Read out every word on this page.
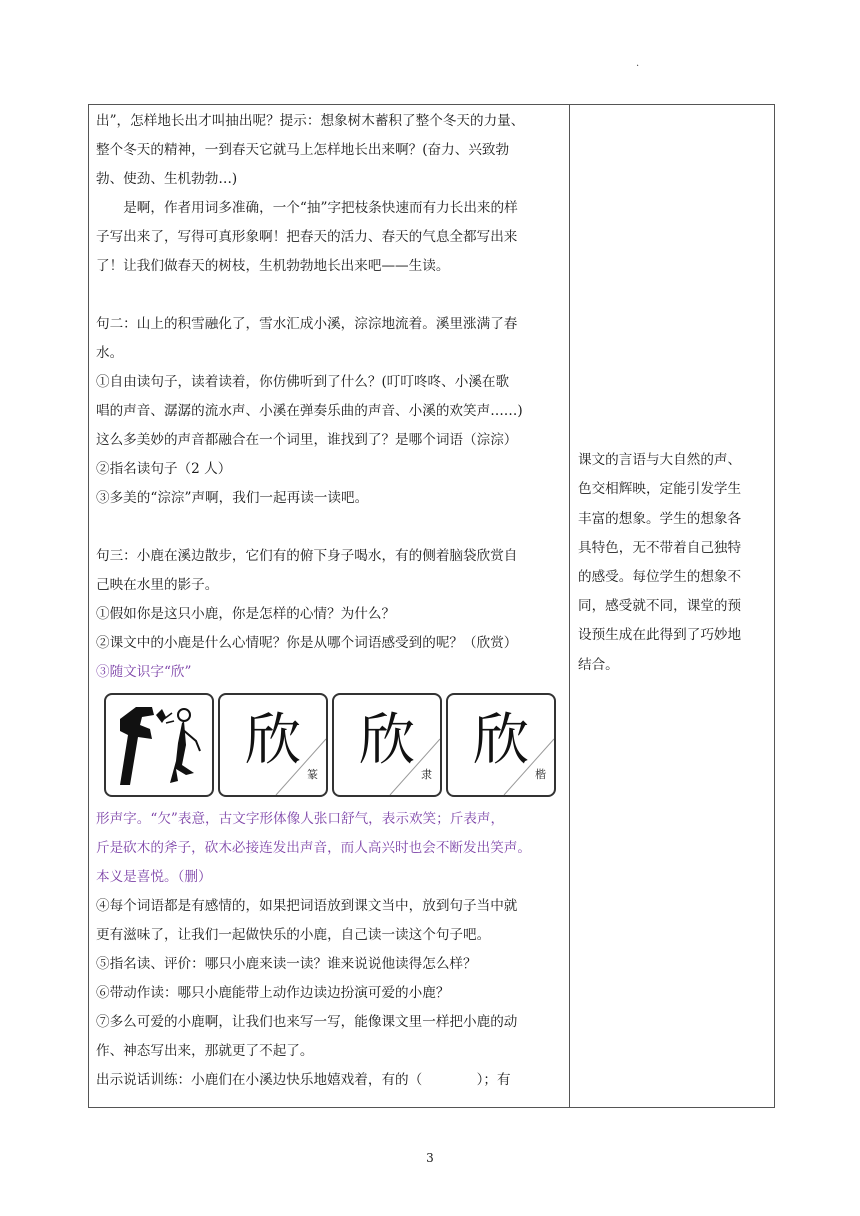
.

出”，怎样地长出才叫抽出呢？提示：想象树木蓄积了整个冬天的力量、

整个冬天的精神，一到春天它就马上怎样地长出来啊？(奋力、兴致勃

勃、使劲、生机勃勃…)

是啊，作者用词多准确，一个“抽”字把枝条快速而有力长出来的样

子写出来了，写得可真形象啊！把春天的活力、春天的气息全都写出来

了！让我们做春天的树枝，生机勃勃地长出来吧——生读。

句二：山上的积雪融化了，雪水汇成小溪，淙淙地流着。溪里涨满了春

水。

①自由读句子，读着读着，你仿佛听到了什么？(叮叮咚咚、小溪在歌

唱的声音、潺潺的流水声、小溪在弹奏乐曲的声音、小溪的欢笑声……)

这么多美妙的声音都融合在一个词里，谁找到了？是哪个词语（淙淙）

②指名读句子（2 人）

③多美的“淙淙”声啊，我们一起再读一读吧。

句三：小鹿在溪边散步，它们有的俯下身子喝水，有的侧着脑袋欣赏自

己映在水里的影子。

①假如你是这只小鹿，你是怎样的心情？为什么？

②课文中的小鹿是什么心情呢？你是从哪个词语感受到的呢？（欣赏）

③随文识字“欣”

欣
篆
欣
隶
欣
楷

形声字。“欠”表意，古文字形体像人张口舒气，表示欢笑；斤表声，

斤是砍木的斧子，砍木必接连发出声音，而人高兴时也会不断发出笑声。

本义是喜悦。（删）

④每个词语都是有感情的，如果把词语放到课文当中，放到句子当中就

更有滋味了，让我们一起做快乐的小鹿，自己读一读这个句子吧。

⑤指名读、评价：哪只小鹿来读一读？谁来说说他读得怎么样？

⑥带动作读：哪只小鹿能带上动作边读边扮演可爱的小鹿？

⑦多么可爱的小鹿啊，让我们也来写一写，能像课文里一样把小鹿的动

作、神态写出来，那就更了不起了。

出示说话训练：小鹿们在小溪边快乐地嬉戏着，有的（　　　　）；有

课文的言语与大自然的声、

色交相辉映，定能引发学生

丰富的想象。学生的想象各

具特色，无不带着自己独特

的感受。每位学生的想象不

同，感受就不同，课堂的预

设预生成在此得到了巧妙地

结合。

3
